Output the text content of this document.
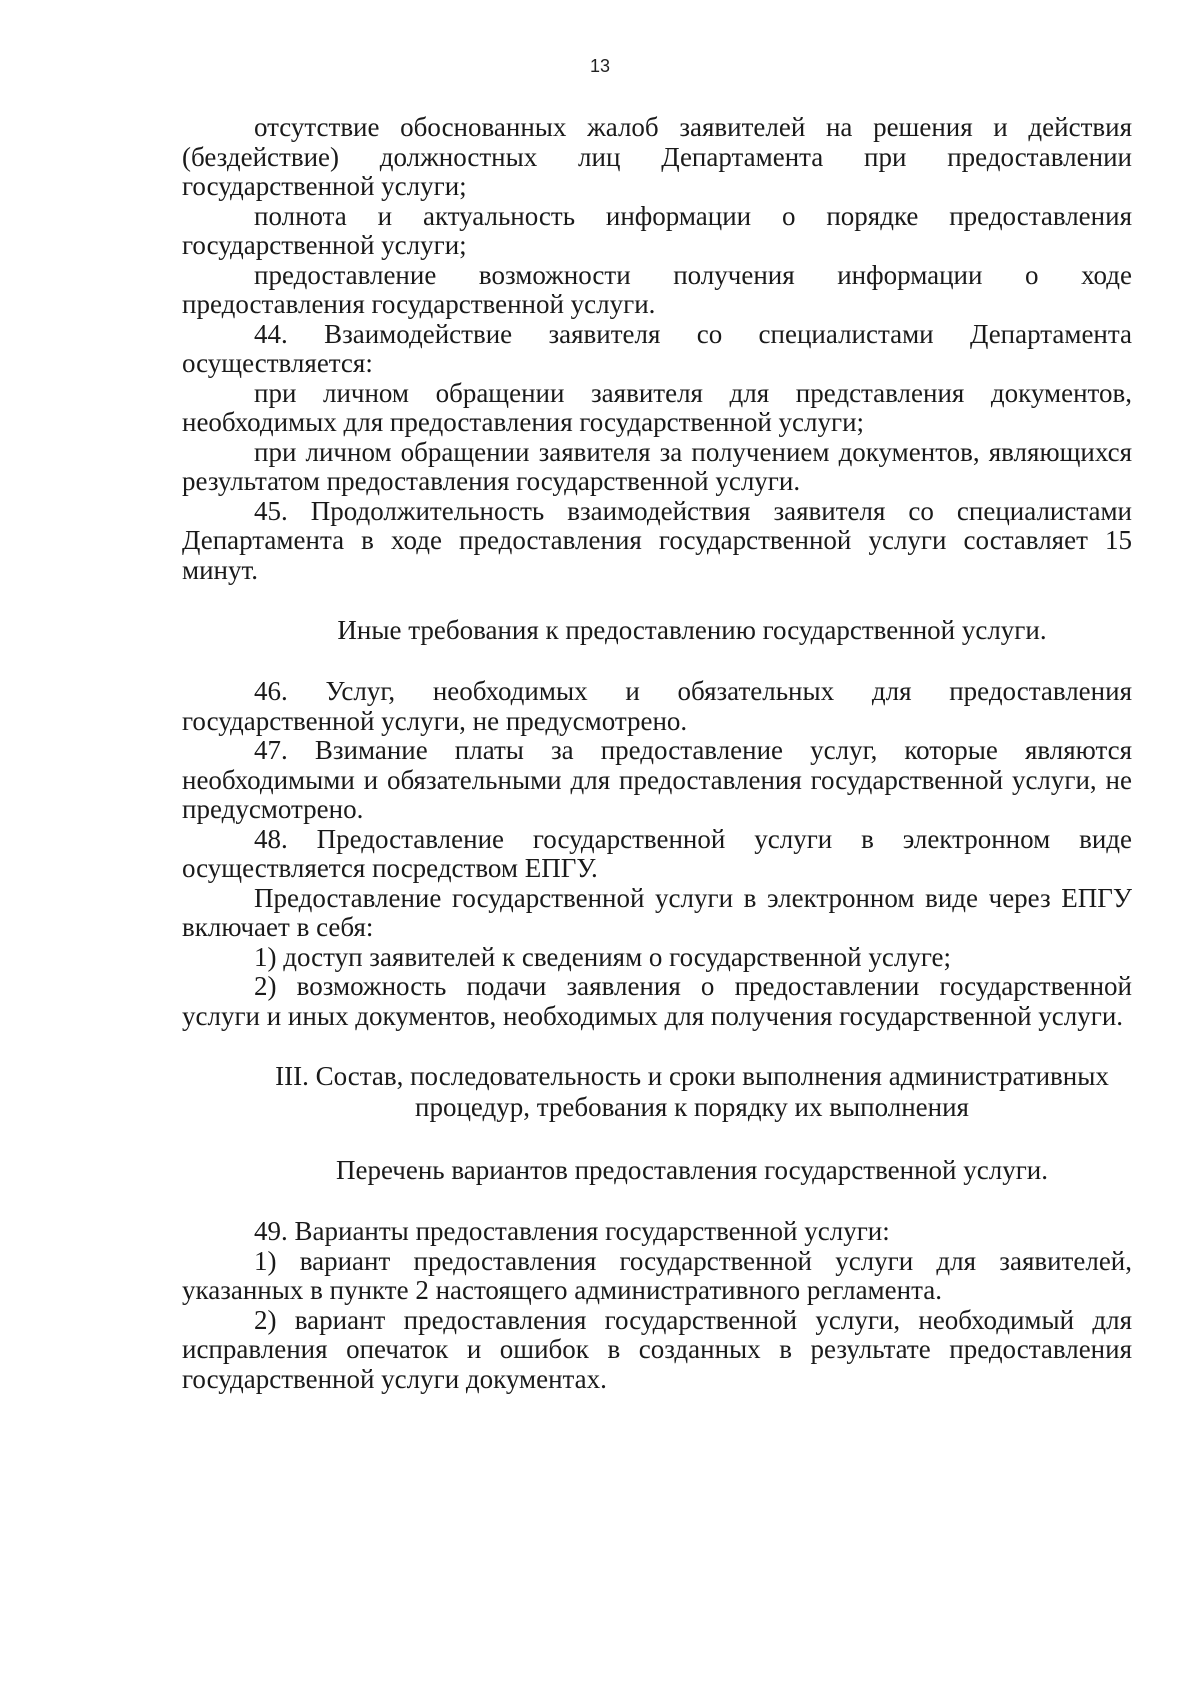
13

отсутствие обоснованных жалоб заявителей на решения и действия (бездействие) должностных лиц Департамента при предоставлении государственной услуги;

полнота и актуальность информации о порядке предоставления государственной услуги;

предоставление возможности получения информации о ходе предоставления государственной услуги.

44. Взаимодействие заявителя со специалистами Департамента осуществляется:

при личном обращении заявителя для представления документов, необходимых для предоставления государственной услуги;

при личном обращении заявителя за получением документов, являющихся результатом предоставления государственной услуги.

45. Продолжительность взаимодействия заявителя со специалистами Департамента в ходе предоставления государственной услуги составляет 15 минут.

Иные требования к предоставлению государственной услуги.

46. Услуг, необходимых и обязательных для предоставления государственной услуги, не предусмотрено.

47. Взимание платы за предоставление услуг, которые являются необходимыми и обязательными для предоставления государственной услуги, не предусмотрено.

48. Предоставление государственной услуги в электронном виде осуществляется посредством ЕПГУ.

Предоставление государственной услуги в электронном виде через ЕПГУ включает в себя:

1) доступ заявителей к сведениям о государственной услуге;

2) возможность подачи заявления о предоставлении государственной услуги и иных документов, необходимых для получения государственной услуги.

III. Состав, последовательность и сроки выполнения административных

процедур, требования к порядку их выполнения

Перечень вариантов предоставления государственной услуги.

49. Варианты предоставления государственной услуги:

1) вариант предоставления государственной услуги для заявителей, указанных в пункте 2 настоящего административного регламента.

2) вариант предоставления государственной услуги, необходимый для исправления опечаток и ошибок в созданных в результате предоставления государственной услуги документах.
